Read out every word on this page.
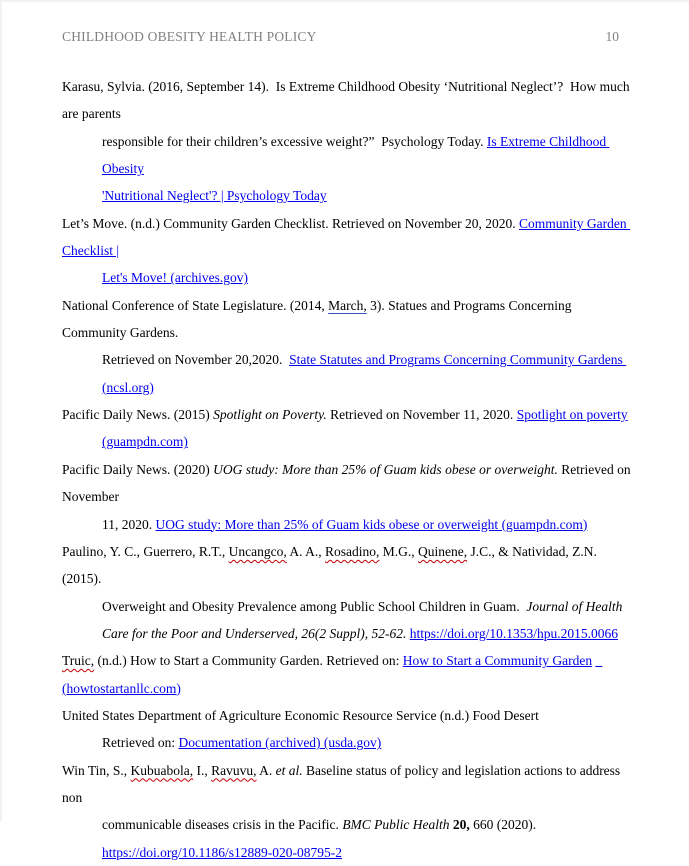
CHILDHOOD OBESITY HEALTH POLICY	10
Karasu, Sylvia. (2016, September 14).  Is Extreme Childhood Obesity ‘Nutritional Neglect’?  How much are parents
responsible for their children’s excessive weight?”  Psychology Today. Is Extreme Childhood Obesity
'Nutritional Neglect'? | Psychology Today
Let’s Move. (n.d.) Community Garden Checklist. Retrieved on November 20, 2020. Community Garden Checklist |
Let's Move! (archives.gov)
National Conference of State Legislature. (2014, March, 3). Statues and Programs Concerning Community Gardens.
Retrieved on November 20,2020.  State Statutes and Programs Concerning Community Gardens (ncsl.org)
Pacific Daily News. (2015) Spotlight on Poverty. Retrieved on November 11, 2020. Spotlight on poverty
(guampdn.com)
Pacific Daily News. (2020) UOG study: More than 25% of Guam kids obese or overweight. Retrieved on November
11, 2020. UOG study: More than 25% of Guam kids obese or overweight (guampdn.com)
Paulino, Y. C., Guerrero, R.T., Uncangco, A. A., Rosadino, M.G., Quinene, J.C., & Natividad, Z.N. (2015).
Overweight and Obesity Prevalence among Public School Children in Guam.  Journal of Health
Care for the Poor and Underserved, 26(2 Suppl), 52-62. https://doi.org/10.1353/hpu.2015.0066
Truic, (n.d.) How to Start a Community Garden. Retrieved on: How to Start a Community Garden _
(howtostartanllc.com)
United States Department of Agriculture Economic Resource Service (n.d.) Food Desert
Retrieved on: Documentation (archived) (usda.gov)
Win Tin, S., Kubuabola, I., Ravuvu, A. et al. Baseline status of policy and legislation actions to address non
communicable diseases crisis in the Pacific. BMC Public Health 20, 660 (2020).
https://doi.org/10.1186/s12889-020-08795-2
